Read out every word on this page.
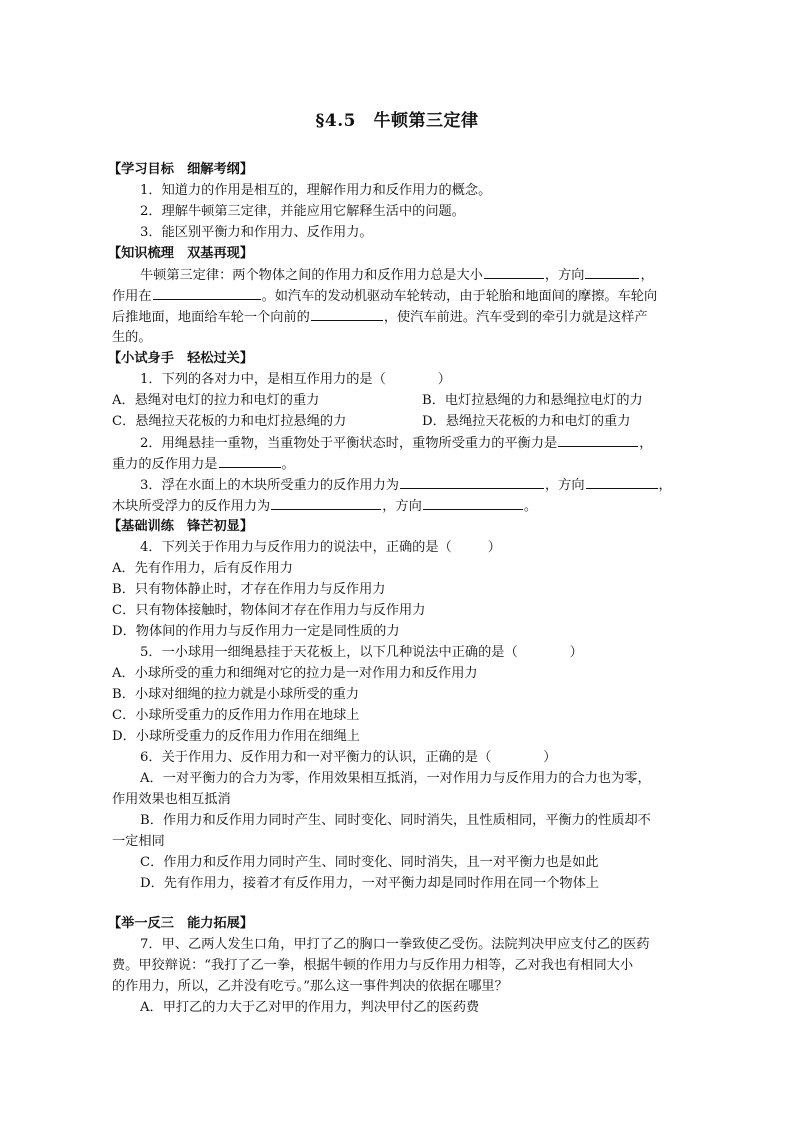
§4.5　牛顿第三定律
【学习目标　细解考纲】
1．知道力的作用是相互的，理解作用力和反作用力的概念。
2．理解牛顿第三定律，并能应用它解释生活中的问题。
3．能区别平衡力和作用力、反作用力。
【知识梳理　双基再现】
牛顿第三定律：两个物体之间的作用力和反作用力总是大小	，方向	，
作用在	。如汽车的发动机驱动车轮转动，由于轮胎和地面间的摩擦。车轮向
后推地面，地面给车轮一个向前的	，使汽车前进。汽车受到的牵引力就是这样产
生的。
【小试身手　轻松过关】
1．下列的各对力中，是相互作用力的是（	）
A．悬绳对电灯的拉力和电灯的重力	B．电灯拉悬绳的力和悬绳拉电灯的力
C．悬绳拉天花板的力和电灯拉悬绳的力	D．悬绳拉天花板的力和电灯的重力
2．用绳悬挂一重物，当重物处于平衡状态时，重物所受重力的平衡力是	，
重力的反作用力是	。
3．浮在水面上的木块所受重力的反作用力为	，方向	，
木块所受浮力的反作用力为	，方向	。
【基础训练　锋芒初显】
4．下列关于作用力与反作用力的说法中，正确的是（	）
A．先有作用力，后有反作用力
B．只有物体静止时，才存在作用力与反作用力
C．只有物体接触时，物体间才存在作用力与反作用力
D．物体间的作用力与反作用力一定是同性质的力
5．一小球用一细绳悬挂于天花板上，以下几种说法中正确的是（	）
A．小球所受的重力和细绳对它的拉力是一对作用力和反作用力
B．小球对细绳的拉力就是小球所受的重力
C．小球所受重力的反作用力作用在地球上
D．小球所受重力的反作用力作用在细绳上
6．关于作用力、反作用力和一对平衡力的认识，正确的是（	）
A．一对平衡力的合力为零，作用效果相互抵消，一对作用力与反作用力的合力也为零，
作用效果也相互抵消
B．作用力和反作用力同时产生、同时变化、同时消失，且性质相同，平衡力的性质却不
一定相同
C．作用力和反作用力同时产生、同时变化、同时消失，且一对平衡力也是如此
D．先有作用力，接着才有反作用力，一对平衡力却是同时作用在同一个物体上
【举一反三　能力拓展】
7．甲、乙两人发生口角，甲打了乙的胸口一拳致使乙受伤。法院判决甲应支付乙的医药
费。甲狡辩说：“我打了乙一拳，根据牛顿的作用力与反作用力相等，乙对我也有相同大小
的作用力，所以，乙并没有吃亏。”那么这一事件判决的依据在哪里？
A．甲打乙的力大于乙对甲的作用力，判决甲付乙的医药费
